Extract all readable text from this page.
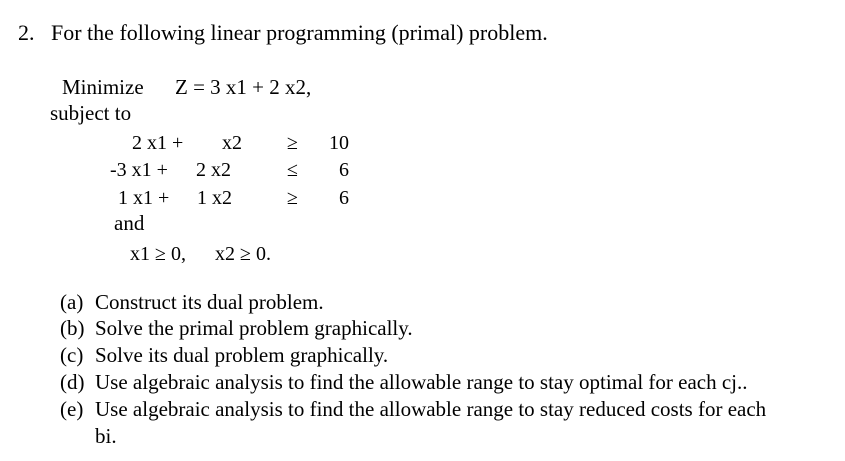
2. For the following linear programming (primal) problem.
Minimize Z = 3 x1 + 2 x2,
subject to
2 x1 + x2 ≥ 10
-3 x1 + 2 x2	≤ 6
1 x1 + 1 x2	≥ 6
and
x1 ≥ 0, x2 ≥ 0.
(a) Construct its dual problem.
(b) Solve the primal problem graphically.
(c) Solve its dual problem graphically.
(d) Use algebraic analysis to find the allowable range to stay optimal for each cj..
(e) Use algebraic analysis to find the allowable range to stay reduced costs for each
bi.
